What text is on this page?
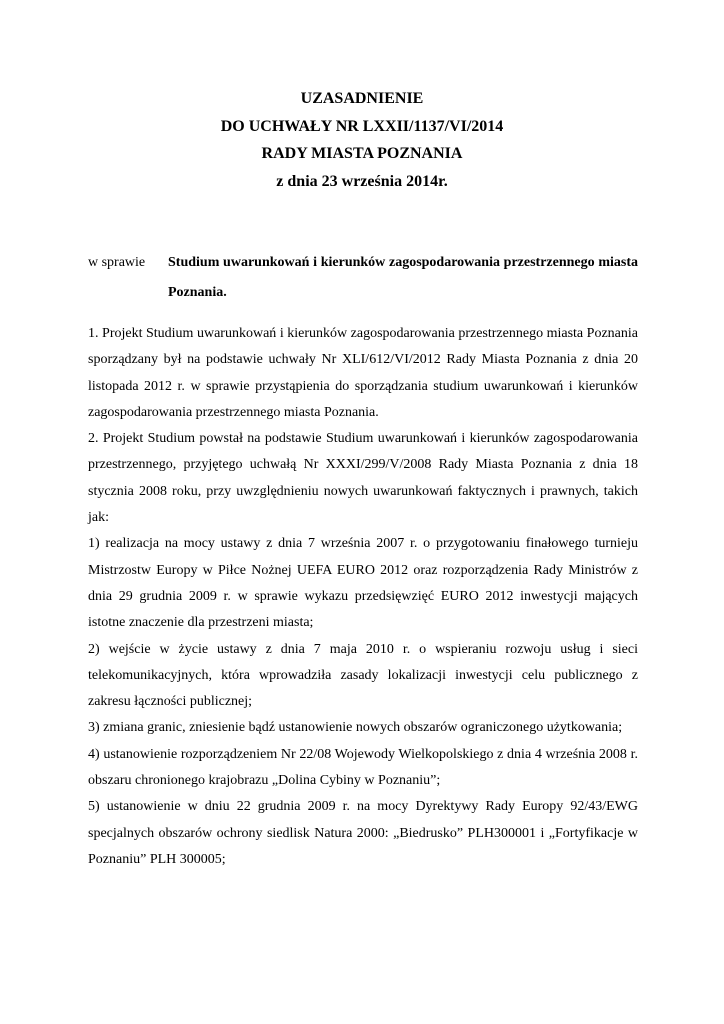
UZASADNIENIE
DO UCHWAŁY NR LXXII/1137/VI/2014
RADY MIASTA POZNANIA
z dnia 23 września 2014r.
w sprawie Studium uwarunkowań i kierunków zagospodarowania przestrzennego miasta Poznania.

1. Projekt Studium uwarunkowań i kierunków zagospodarowania przestrzennego miasta Poznania sporządzany był na podstawie uchwały Nr XLI/612/VI/2012 Rady Miasta Poznania z dnia 20 listopada 2012 r. w sprawie przystąpienia do sporządzania studium uwarunkowań i kierunków zagospodarowania przestrzennego miasta Poznania.

2. Projekt Studium powstał na podstawie Studium uwarunkowań i kierunków zagospodarowania przestrzennego, przyjętego uchwałą Nr XXXI/299/V/2008 Rady Miasta Poznania z dnia 18 stycznia 2008 roku, przy uwzględnieniu nowych uwarunkowań faktycznych i prawnych, takich jak:

1) realizacja na mocy ustawy z dnia 7 września 2007 r. o przygotowaniu finałowego turnieju Mistrzostw Europy w Piłce Nożnej UEFA EURO 2012 oraz rozporządzenia Rady Ministrów z dnia 29 grudnia 2009 r. w sprawie wykazu przedsięwzięć EURO 2012 inwestycji mających istotne znaczenie dla przestrzeni miasta;

2) wejście w życie ustawy z dnia 7 maja 2010 r. o wspieraniu rozwoju usług i sieci telekomunikacyjnych, która wprowadziła zasady lokalizacji inwestycji celu publicznego z zakresu łączności publicznej;

3) zmiana granic, zniesienie bądź ustanowienie nowych obszarów ograniczonego użytkowania;

4) ustanowienie rozporządzeniem Nr 22/08 Wojewody Wielkopolskiego z dnia 4 września 2008 r. obszaru chronionego krajobrazu „Dolina Cybiny w Poznaniu”;

5) ustanowienie w dniu 22 grudnia 2009 r. na mocy Dyrektywy Rady Europy 92/43/EWG specjalnych obszarów ochrony siedlisk Natura 2000: „Biedrusko” PLH300001 i „Fortyfikacje w Poznaniu” PLH 300005;
